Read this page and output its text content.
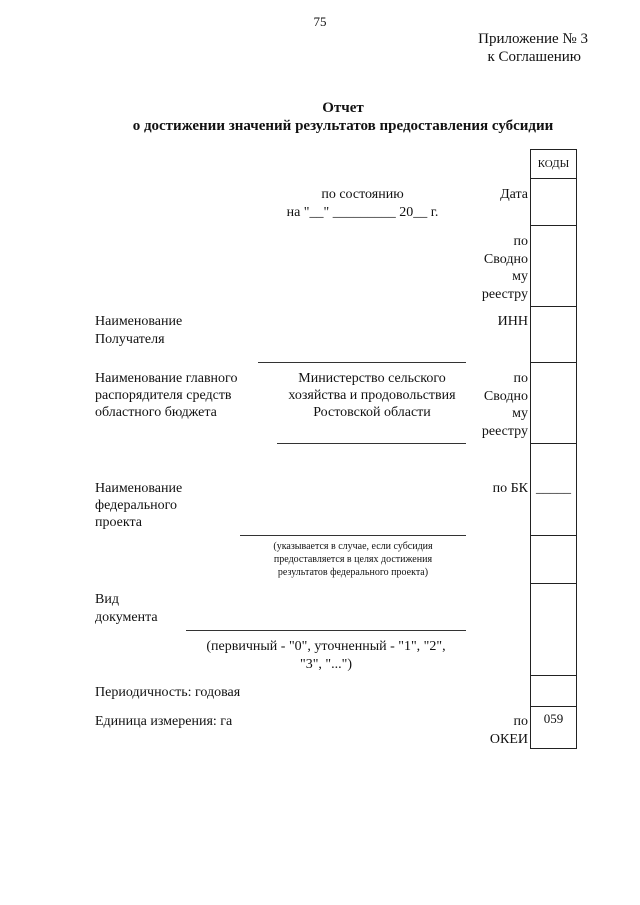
75
Приложение № 3
к Соглашению
Отчет
о достижении значений результатов предоставления субсидии
КОДЫ
059
по состоянию
на "__" _________ 20__ г.
Дата
по
Сводно
му
реестру
ИНН
по
Сводно
му
реестру
по БК _____
по
ОКЕИ
Наименование
Получателя
Наименование главного
распорядителя средств
областного бюджета
Министерство сельского
хозяйства и продовольствия
Ростовской области
Наименование
федерального
проекта
(указывается в случае, если субсидия
предоставляется в целях достижения
результатов федерального проекта)
Вид
документа
(первичный - "0", уточненный - "1", "2",
"3", "...")
Периодичность: годовая
Единица измерения: га
